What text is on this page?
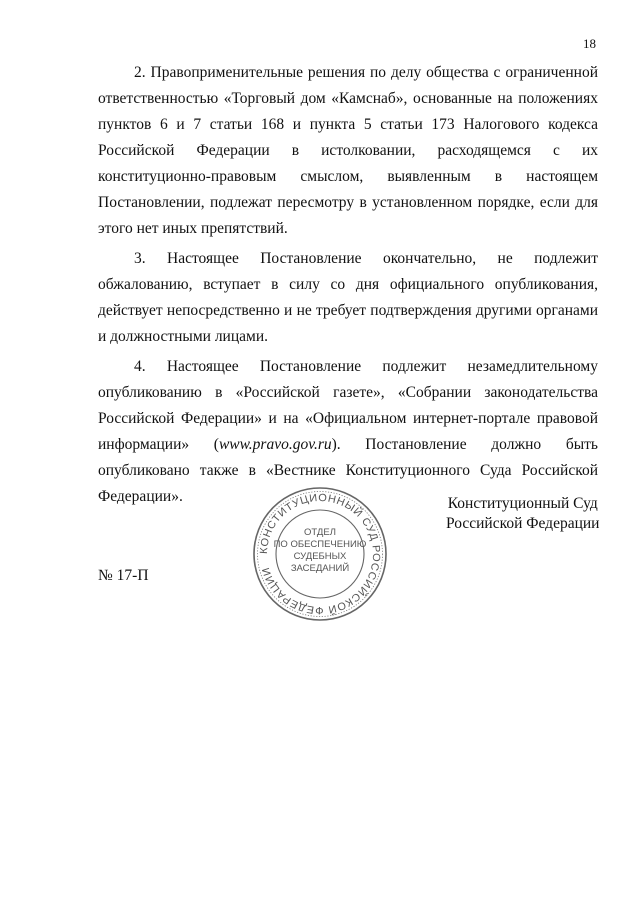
18

2. Правоприменительные решения по делу общества с ограниченной ответственностью «Торговый дом «Камснаб», основанные на положениях пунктов 6 и 7 статьи 168 и пункта 5 статьи 173 Налогового кодекса Российской Федерации в истолковании, расходящемся с их конституционно-правовым смыслом, выявленным в настоящем Постановлении, подлежат пересмотру в установленном порядке, если для этого нет иных препятствий.

3. Настоящее Постановление окончательно, не подлежит обжалованию, вступает в силу со дня официального опубликования, действует непосредственно и не требует подтверждения другими органами и должностными лицами.

4. Настоящее Постановление подлежит незамедлительному опубликованию в «Российской газете», «Собрании законодательства Российской Федерации» и на «Официальном интернет-портале правовой информации» (www.pravo.gov.ru). Постановление должно быть опубликовано также в «Вестнике Конституционного Суда Российской Федерации».

КОНСТИТУЦИОННЫЙ СУД РОССИЙСКОЙ ФЕДЕРАЦИИ
ОТДЕЛ
ПО ОБЕСПЕЧЕНИЮ
СУДЕБНЫХ
ЗАСЕДАНИЙ
Конституционный Суд
Российской Федерации
№ 17-П
